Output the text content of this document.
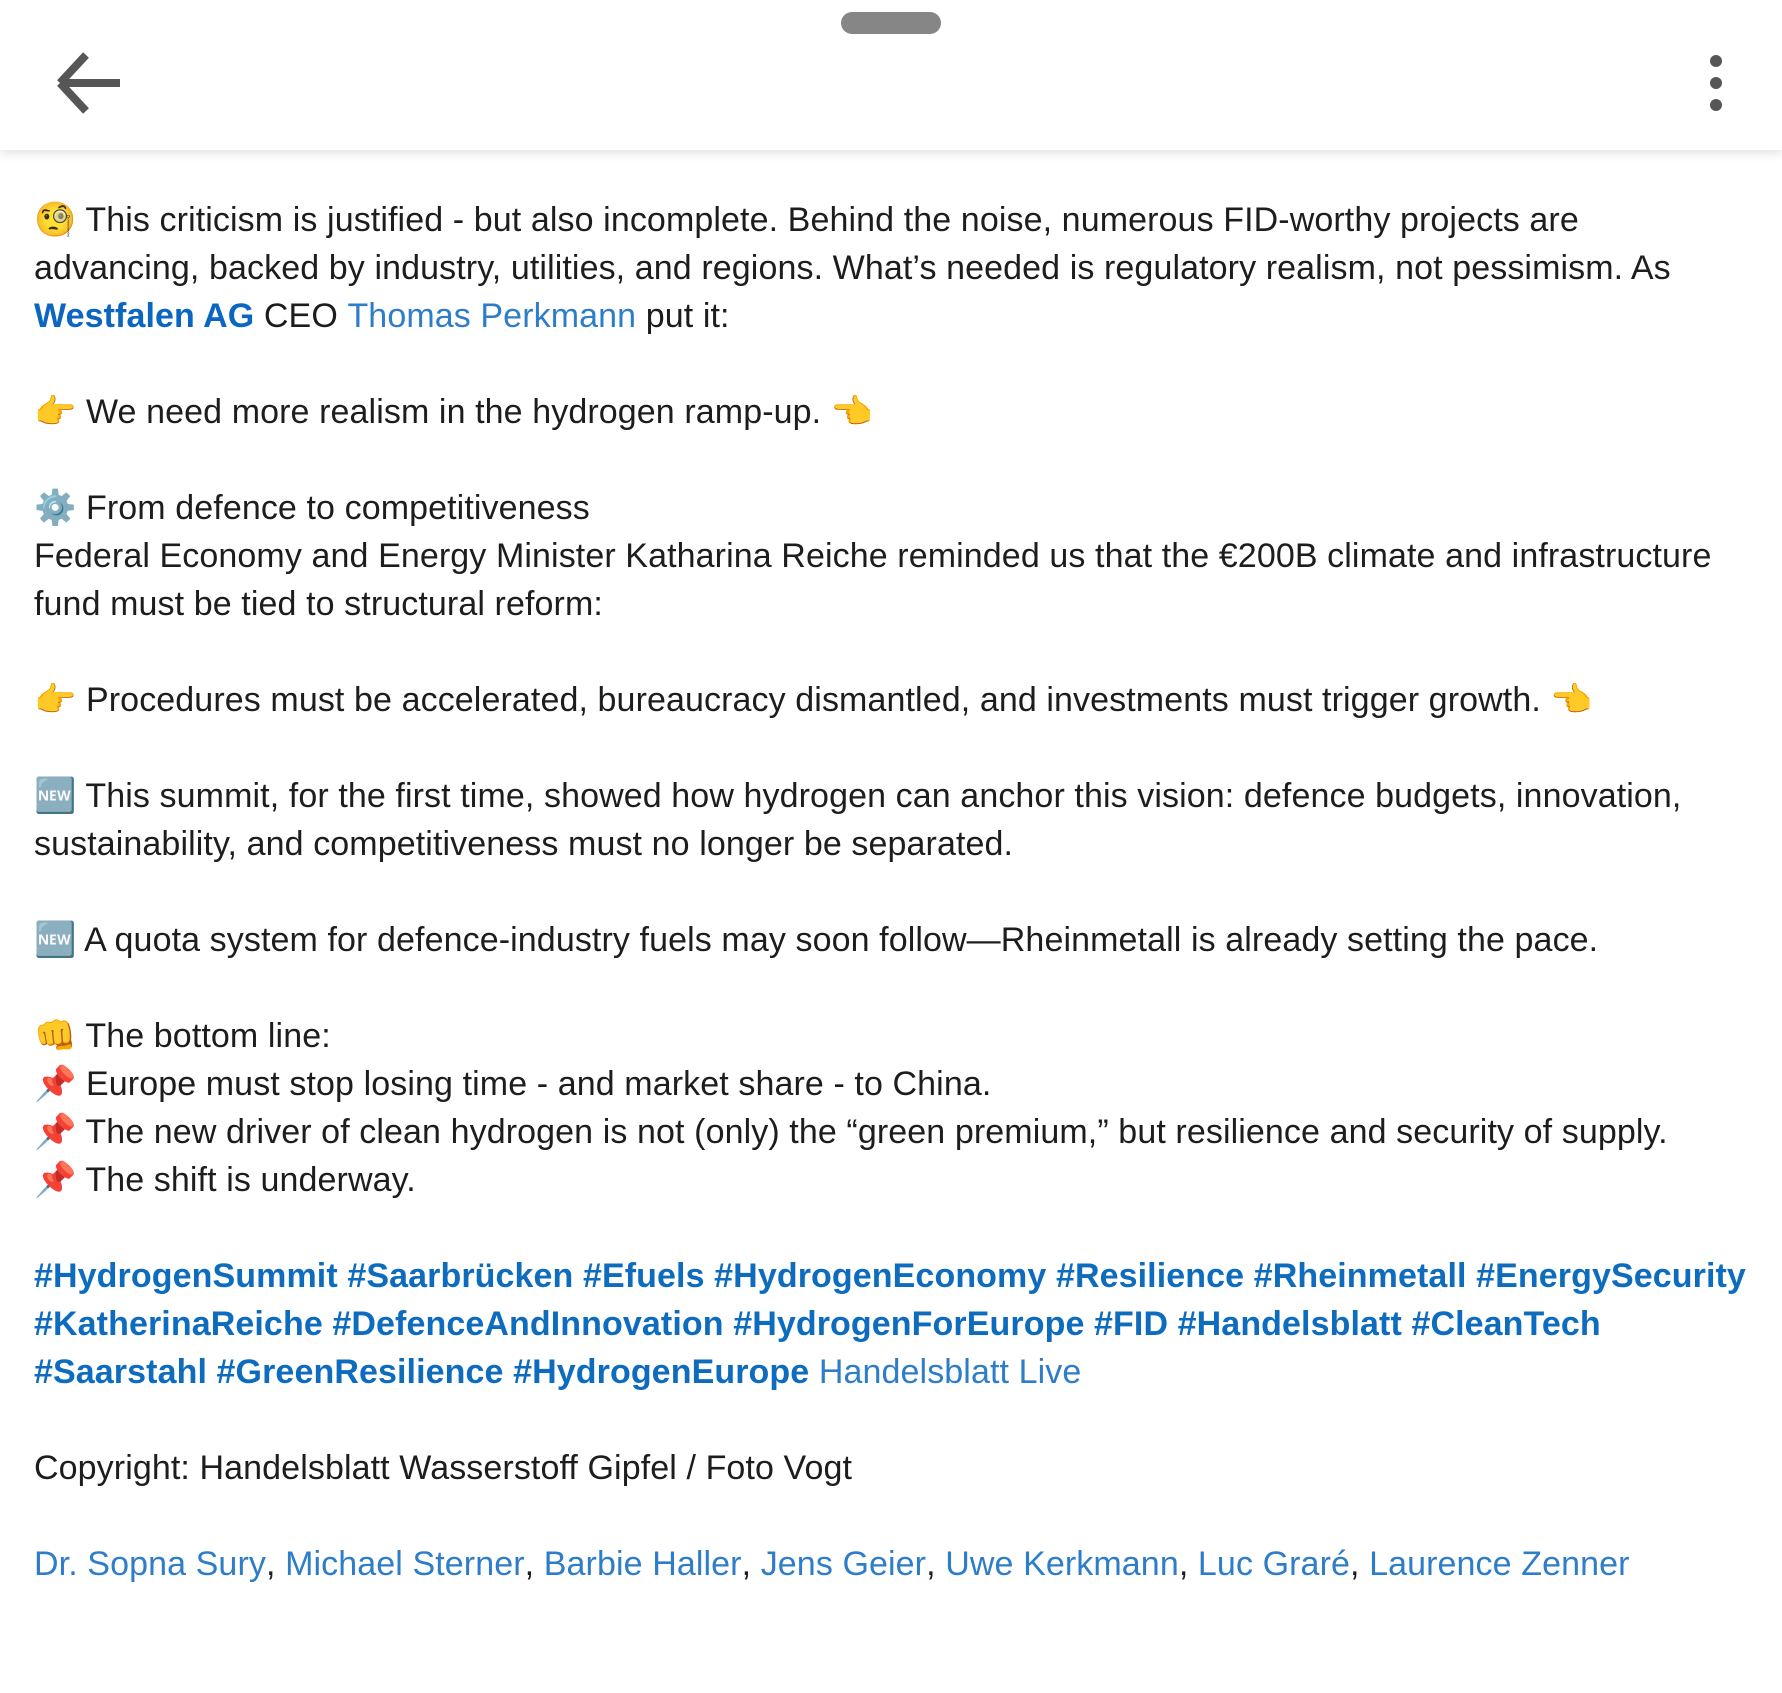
🧐 This criticism is justified - but also incomplete. Behind the noise, numerous FID-worthy projects are advancing, backed by industry, utilities, and regions. What’s needed is regulatory realism, not pessimism. As Westfalen AG CEO Thomas Perkmann put it:

👉 We need more realism in the hydrogen ramp-up. 👈

⚙️ From defence to competitiveness
Federal Economy and Energy Minister Katharina Reiche reminded us that the €200B climate and infrastructure fund must be tied to structural reform:

👉 Procedures must be accelerated, bureaucracy dismantled, and investments must trigger growth. 👈

🆕 This summit, for the first time, showed how hydrogen can anchor this vision: defence budgets, innovation, sustainability, and competitiveness must no longer be separated.

🆕 A quota system for defence-industry fuels may soon follow—Rheinmetall is already setting the pace.

👊 The bottom line:
📌 Europe must stop losing time - and market share - to China.
📌 The new driver of clean hydrogen is not (only) the “green premium,” but resilience and security of supply.
📌 The shift is underway.

#HydrogenSummit #Saarbrücken #Efuels #HydrogenEconomy #Resilience #Rheinmetall #EnergySecurity #KatherinaReiche #DefenceAndInnovation #HydrogenForEurope #FID #Handelsblatt #CleanTech #Saarstahl #GreenResilience #HydrogenEurope Handelsblatt Live

Copyright: Handelsblatt Wasserstoff Gipfel / Foto Vogt

Dr. Sopna Sury, Michael Sterner, Barbie Haller, Jens Geier, Uwe Kerkmann, Luc Graré, Laurence Zenner
